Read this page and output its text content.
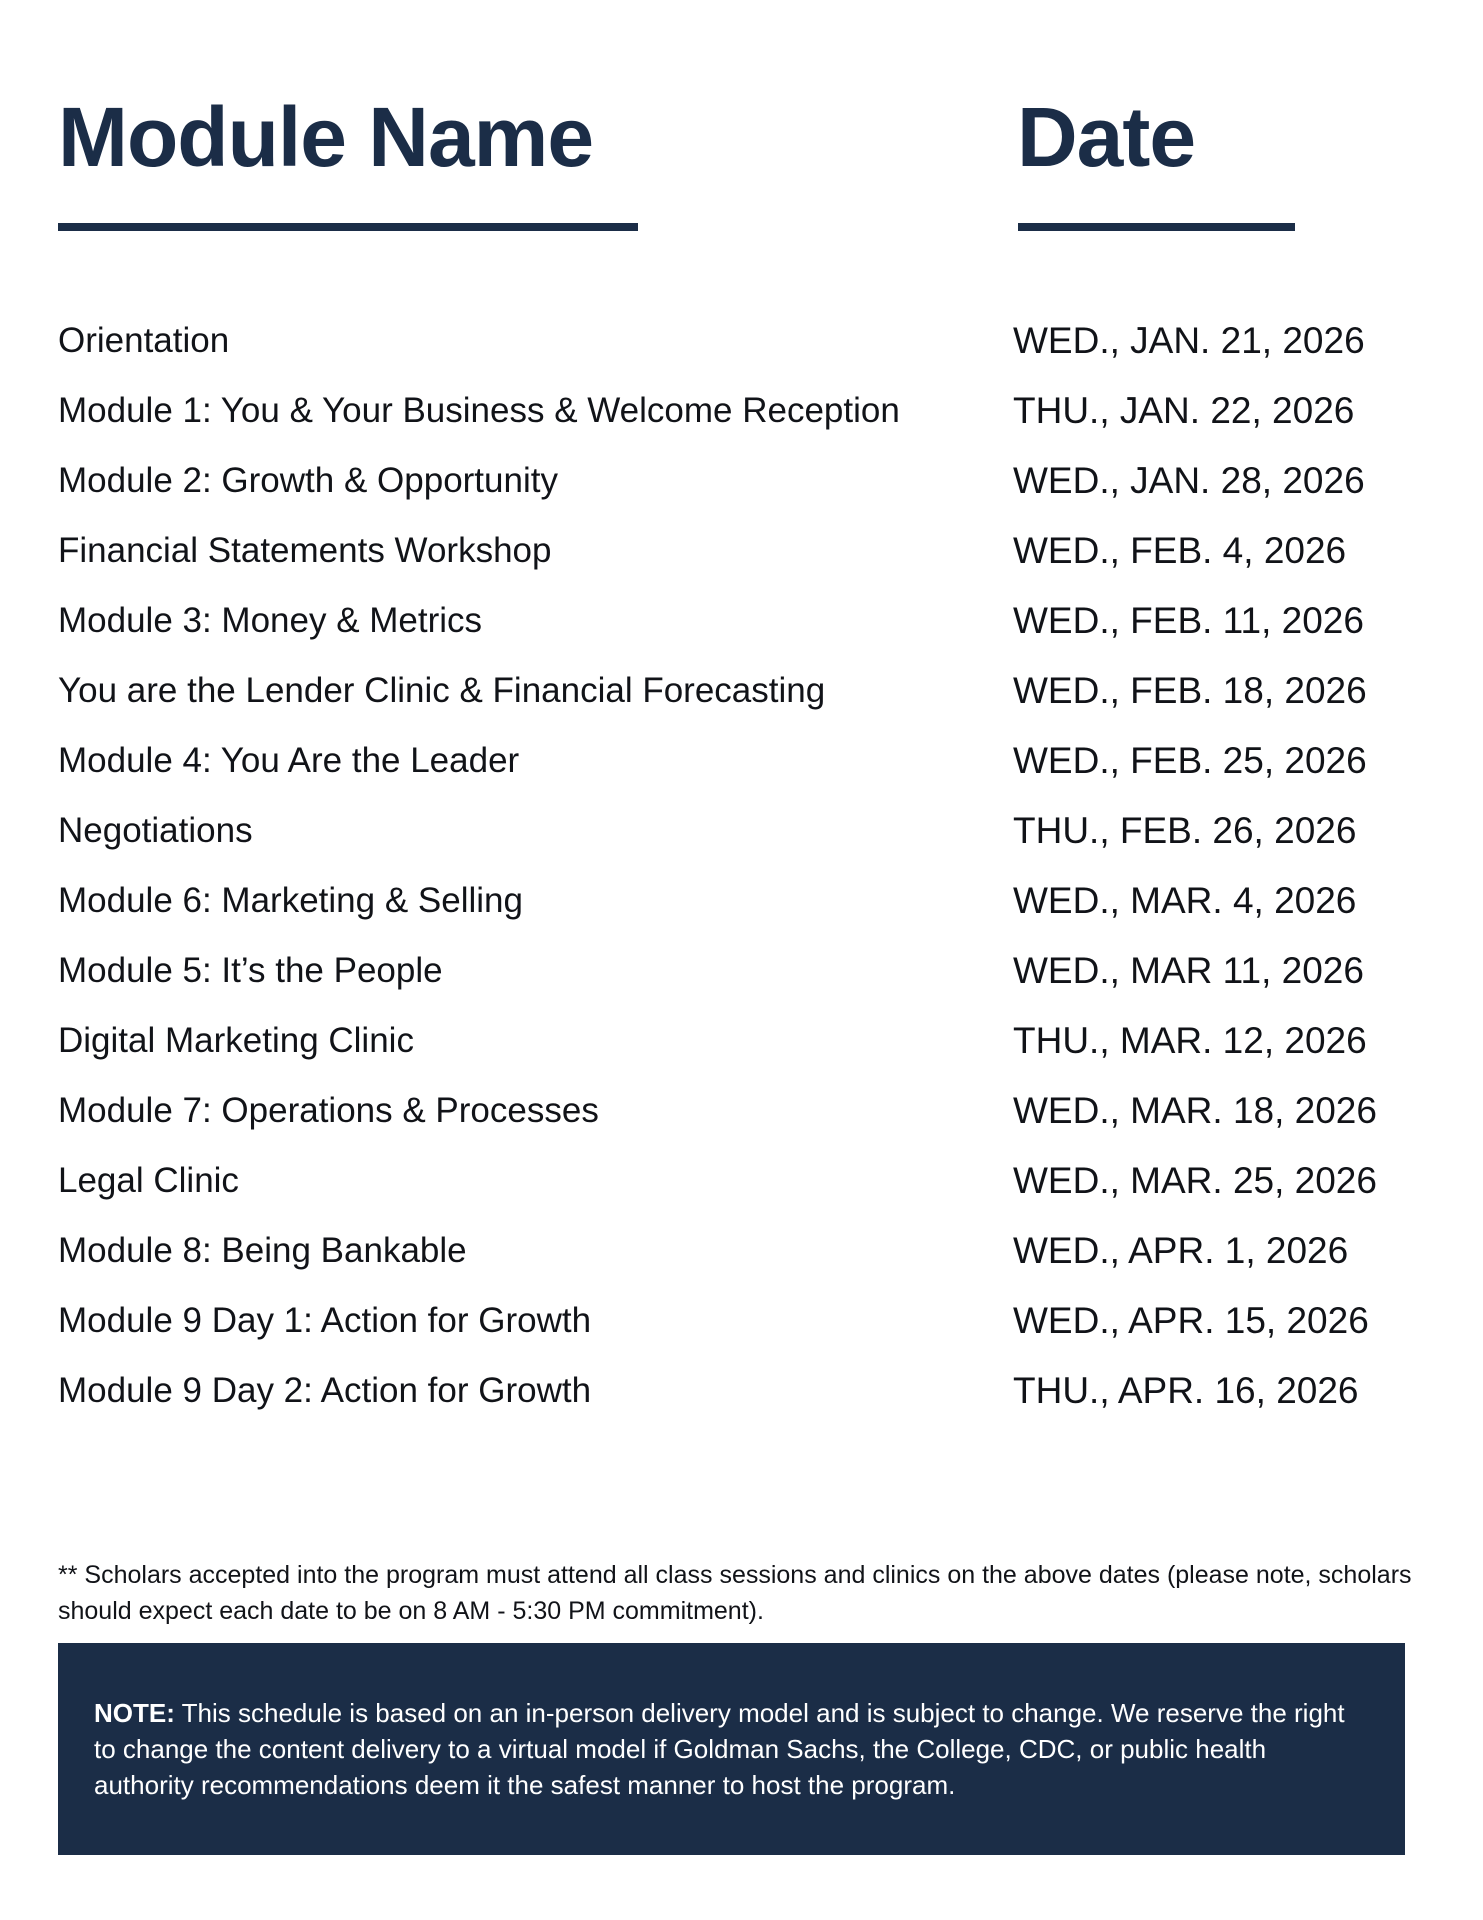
Module Name	Date
Orientation	WED., JAN. 21, 2026
Module 1: You & Your Business & Welcome Reception	THU., JAN. 22, 2026
Module 2: Growth & Opportunity	WED., JAN. 28, 2026
Financial Statements Workshop	WED., FEB. 4, 2026
Module 3: Money & Metrics	WED., FEB. 11, 2026
You are the Lender Clinic & Financial Forecasting	WED., FEB. 18, 2026
Module 4: You Are the Leader	WED., FEB. 25, 2026
Negotiations	THU., FEB. 26, 2026
Module 6: Marketing & Selling	WED., MAR. 4, 2026
Module 5: It’s the People	WED., MAR 11, 2026
Digital Marketing Clinic	THU., MAR. 12, 2026
Module 7: Operations & Processes	WED., MAR. 18, 2026
Legal Clinic	WED., MAR. 25, 2026
Module 8: Being Bankable	WED., APR. 1, 2026
Module 9 Day 1: Action for Growth	WED., APR. 15, 2026
Module 9 Day 2: Action for Growth	THU., APR. 16, 2026

** Scholars accepted into the program must attend all class sessions and clinics on the above dates (please note, scholars should expect each date to be on 8 AM - 5:30 PM commitment).

NOTE: This schedule is based on an in-person delivery model and is subject to change. We reserve the right to change the content delivery to a virtual model if Goldman Sachs, the College, CDC, or public health authority recommendations deem it the safest manner to host the program.
